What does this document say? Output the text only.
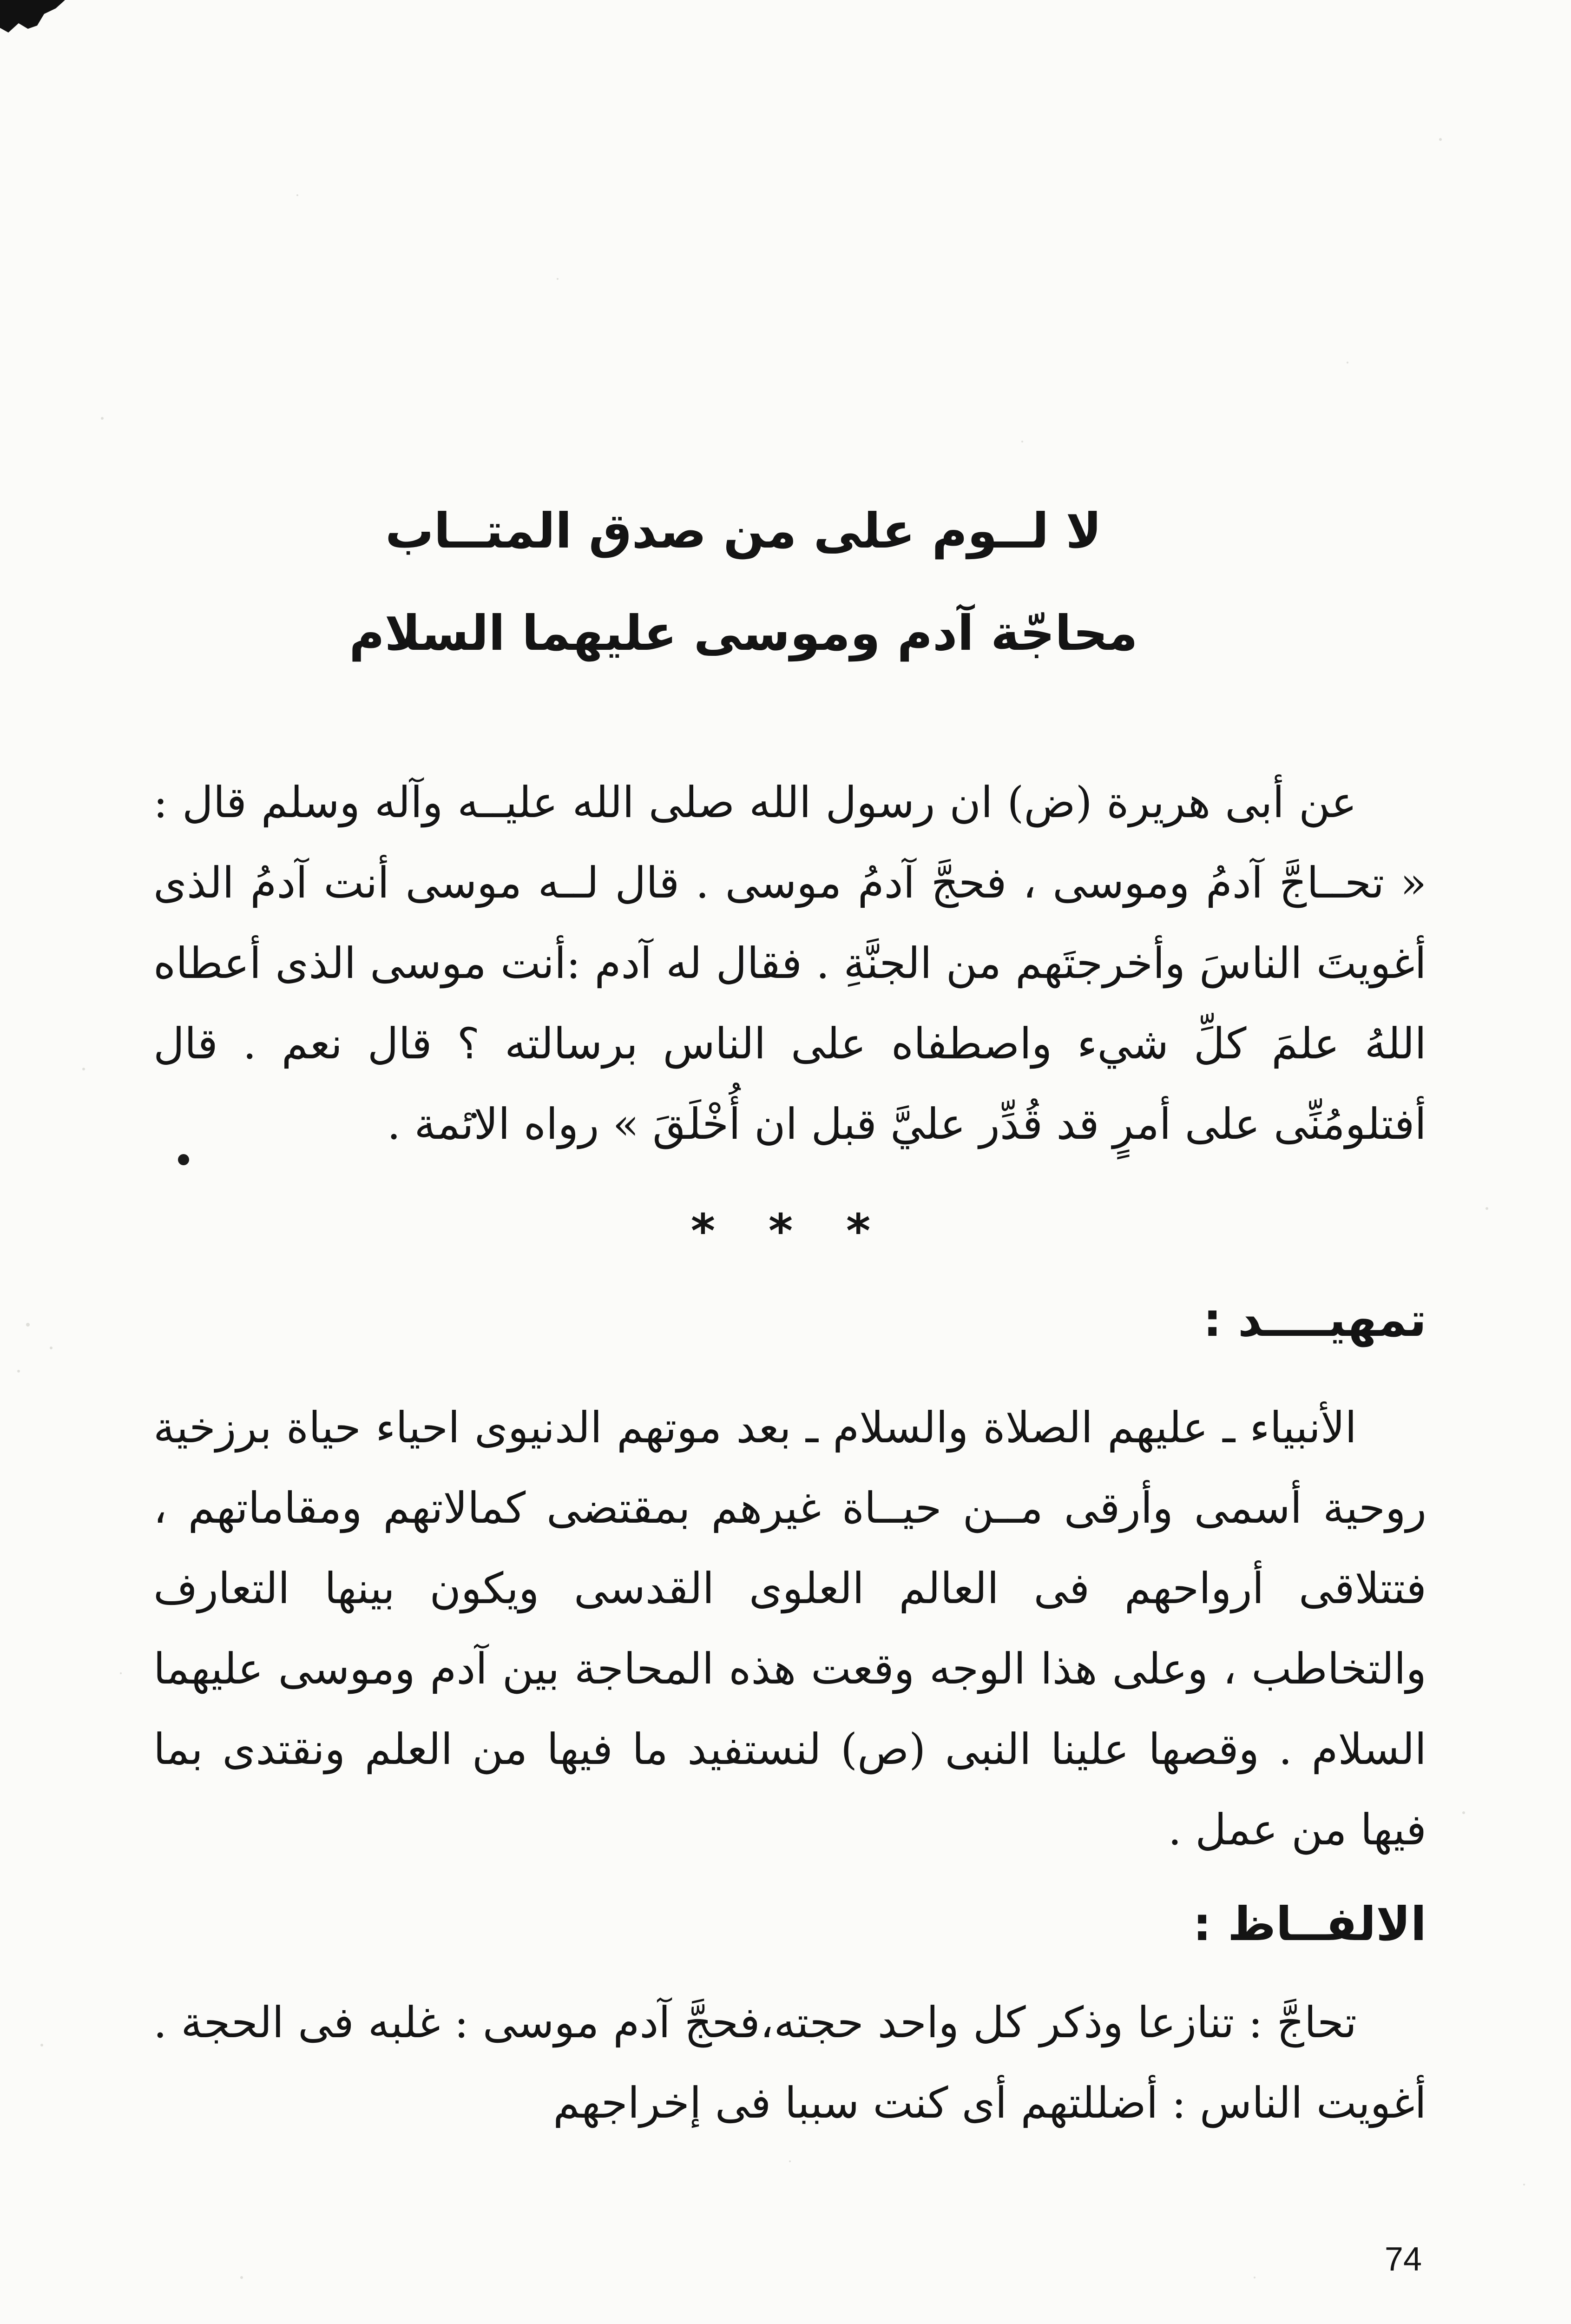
لا لــوم على من صدق المتــاب
محاجّة آدم وموسى عليهما السلام

عن أبى هريرة (ض) ان رسول الله صلى الله عليــه وآله وسلم قال : « تحــاجَّ آدمُ وموسى ، فحجَّ آدمُ موسى . قال لــه موسى أنت آدمُ الذى أغويتَ الناسَ وأخرجتَهم من الجنَّةِ . فقال له آدم :أنت موسى الذى أعطاه اللهُ علمَ كلِّ شيء واصطفاه على الناس برسالته ؟ قال نعم . قال أفتلومُنِّى على أمرٍ قد قُدِّر عليَّ قبل ان أُخْلَقَ » رواه الائمة .

* * *
تمهيــــد :

الأنبياء ـ عليهم الصلاة والسلام ـ بعد موتهم الدنيوى احياء حياة برزخية روحية أسمى وأرقى مــن حيــاة غيرهم بمقتضى كمالاتهم ومقاماتهم ، فتتلاقى أرواحهم فى العالم العلوى القدسى ويكون بينها التعارف والتخاطب ، وعلى هذا الوجه وقعت هذه المحاجة بين آدم وموسى عليهما السلام . وقصها علينا النبى (ص) لنستفيد ما فيها من العلم ونقتدى بما فيها من عمل .

الالفــاظ :

تحاجَّ : تنازعا وذكر كل واحد حجته،فحجَّ آدم موسى : غلبه فى الحجة . أغويت الناس : أضللتهم أى كنت سببا فى إخراجهم

74
